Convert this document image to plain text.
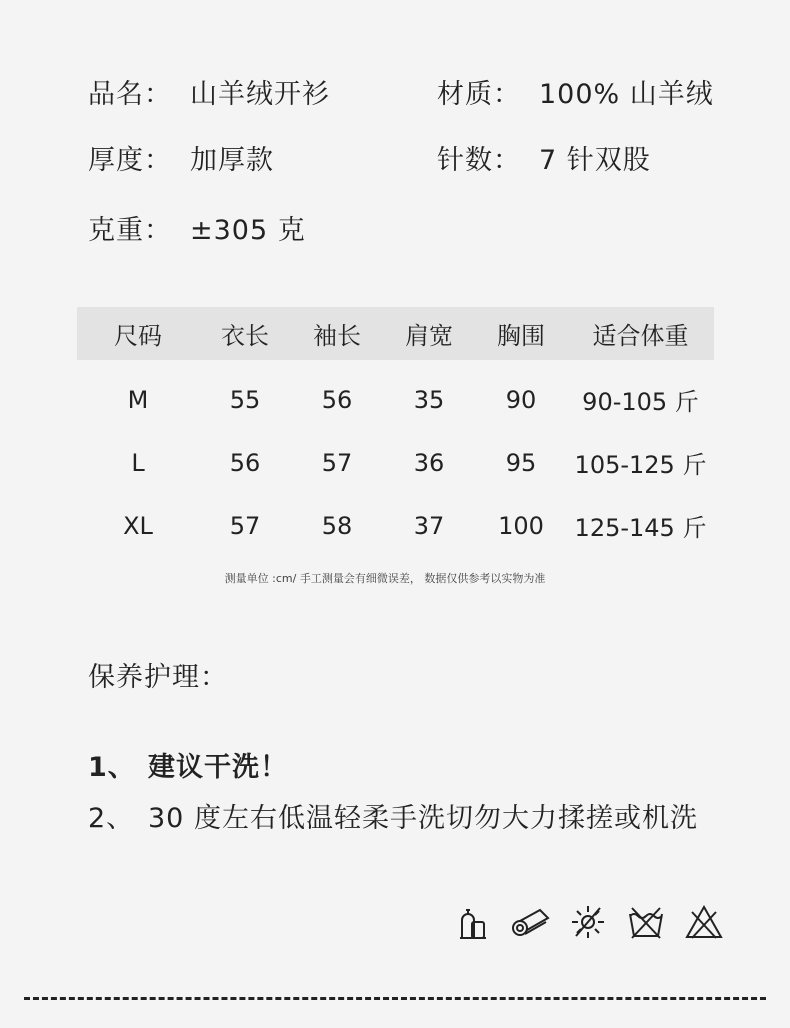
品名： 山羊绒开衫	材质： 100% 山羊绒
厚度： 加厚款	针数： 7 针双股
克重： ±305 克
尺码	衣长	袖长	肩宽	胸围	适合体重
M	55	56	35	90	90-105 斤
L	56	57	36	95	105-125 斤
XL	57	58	37	100	125-145 斤
测量单位 :cm/ 手工测量会有细微误差， 数据仅供参考以实物为准
保养护理：
1、 建议干洗！
2、 30 度左右低温轻柔手洗切勿大力揉搓或机洗
